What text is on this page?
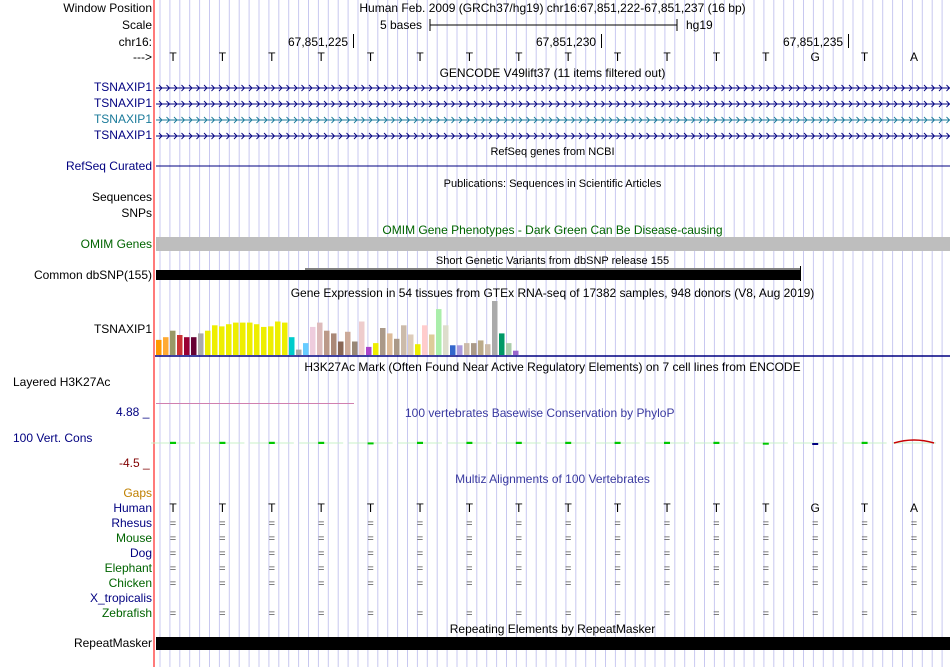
Window Position	Human Feb. 2009 (GRCh37/hg19) chr16:67,851,222-67,851,237 (16 bp)
Scale	5 bases	hg19
chr16:	67,851,225	67,851,230	67,851,235
---> T	T	T	T	T	T	T	T	T	T	T	T	T	G	T	A
GENCODE V49lift37 (11 items filtered out)
TSNAXIP1
TSNAXIP1
TSNAXIP1
TSNAXIP1
RefSeq genes from NCBI
RefSeq Curated
Publications: Sequences in Scientific Articles
Sequences
SNPs
OMIM Gene Phenotypes - Dark Green Can Be Disease-causing
OMIM Genes
Short Genetic Variants from dbSNP release 155
Common dbSNP(155)
Gene Expression in 54 tissues from GTEx RNA-seq of 17382 samples, 948 donors (V8, Aug 2019)
TSNAXIP1
H3K27Ac Mark (Often Found Near Active Regulatory Elements) on 7 cell lines from ENCODE
Layered H3K27Ac
100 vertebrates Basewise Conservation by PhyloP
4.88 _
100 Vert. Cons
-4.5 _
Multiz Alignments of 100 Vertebrates
Gaps
Human T	T	T	T	T	T	T	T	T	T	T	T	T	G	T	A
Rhesus =	=	=	=	=	=	=	=	=	=	=	=	=	=	=	=
Mouse =	=	=	=	=	=	=	=	=	=	=	=	=	=	=	=
Dog =	=	=	=	=	=	=	=	=	=	=	=	=	=	=	=
Elephant =	=	=	=	=	=	=	=	=	=	=	=	=	=	=	=
Chicken =	=	=	=	=	=	=	=	=	=	=	=	=	=	=	=
X_tropicalis
Zebrafish =	=	=	=	=	=	=	=	=	=	=	=	=	=	=	=
Repeating Elements by RepeatMasker
RepeatMasker
